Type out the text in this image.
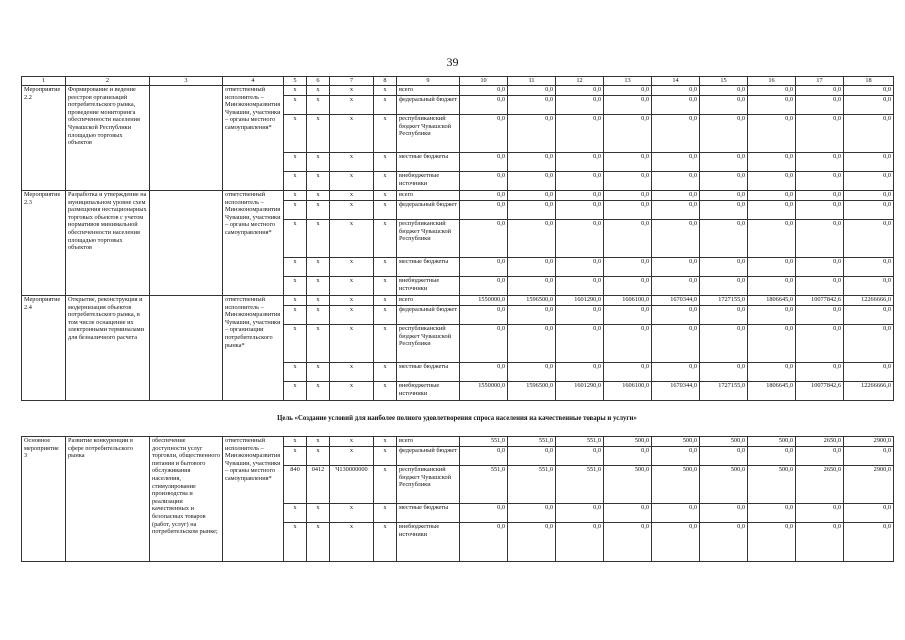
39
1	2	3	4	5	6	7	8	9	10	11	12	13	14	15	16	17	18
Мероприятие 2.2	Формирование и ведение реестров организаций потребительского рынка, проведение мониторинга обеспеченности населения Чувашской Республики площадью торговых объектов		ответственный исполнитель – Минэкономразвития Чувашии, участники – органы местного самоуправления*	x	x	x	x	всего	0,0	0,0	0,0	0,0	0,0	0,0	0,0	0,0	0,0
				x	x	x	x	федеральный бюджет	0,0	0,0	0,0	0,0	0,0	0,0	0,0	0,0	0,0
				x	x	x	x	республиканский бюджет Чувашской Республики	0,0	0,0	0,0	0,0	0,0	0,0	0,0	0,0	0,0
				x	x	x	x	местные бюджеты	0,0	0,0	0,0	0,0	0,0	0,0	0,0	0,0	0,0
				x	x	x	x	внебюджетные источники	0,0	0,0	0,0	0,0	0,0	0,0	0,0	0,0	0,0
Мероприятие 2.3	Разработка и утверждение на муниципальном уровне схем размещения нестационарных торговых объектов с учетом нормативов минимальной обеспеченности населения площадью торговых объектов		ответственный исполнитель – Минэкономразвития Чувашии, участники – органы местного самоуправления*	x	x	x	x	всего	0,0	0,0	0,0	0,0	0,0	0,0	0,0	0,0	0,0
				x	x	x	x	федеральный бюджет	0,0	0,0	0,0	0,0	0,0	0,0	0,0	0,0	0,0
				x	x	x	x	республиканский бюджет Чувашской Республики	0,0	0,0	0,0	0,0	0,0	0,0	0,0	0,0	0,0
				x	x	x	x	местные бюджеты	0,0	0,0	0,0	0,0	0,0	0,0	0,0	0,0	0,0
				x	x	x	x	внебюджетные источники	0,0	0,0	0,0	0,0	0,0	0,0	0,0	0,0	0,0
Мероприятие 2.4	Открытие, реконструкция и модернизация объектов потребительского рынка, в том числе оснащение их электронными терминалами для безналичного расчета		ответственный исполнитель – Минэкономразвития Чувашии, участники – организации потребительского рынка*	x	x	x	x	всего	1550000,0	1596500,0	1601290,0	1606100,0	1670344,0	1727155,0	1806645,0	10077842,6	12266666,0
				x	x	x	x	федеральный бюджет	0,0	0,0	0,0	0,0	0,0	0,0	0,0	0,0	0,0
				x	x	x	x	республиканский бюджет Чувашской Республики	0,0	0,0	0,0	0,0	0,0	0,0	0,0	0,0	0,0
				x	x	x	x	местные бюджеты	0,0	0,0	0,0	0,0	0,0	0,0	0,0	0,0	0,0
				x	x	x	x	внебюджетные источники	1550000,0	1596500,0	1601290,0	1606100,0	1670344,0	1727155,0	1806645,0	10077842,6	12266666,0
Цель «Создание условий для наиболее полного удовлетворения спроса населения на качественные товары и услуги»
Основное мероприятие 3	Развитие конкуренции в сфере потребительского рынка	обеспечение доступности услуг торговли, общественного питания и бытового обслуживания населения, стимулирование производства и реализации качественных и безопасных товаров (работ, услуг) на потребительском рынке;	ответственный исполнитель – Минэкономразвития Чувашии, участники – органы местного самоуправления*	x	x	x	x	всего	551,0	551,0	551,0	500,0	500,0	500,0	500,0	2650,0	2900,0
				x	x	x	x	федеральный бюджет	0,0	0,0	0,0	0,0	0,0	0,0	0,0	0,0	0,0
				840	0412	Ч130000000	x	республиканский бюджет Чувашской Республики	551,0	551,0	551,0	500,0	500,0	500,0	500,0	2650,0	2900,0
				x	x	x	x	местные бюджеты	0,0	0,0	0,0	0,0	0,0	0,0	0,0	0,0	0,0
				x	x	x	x	внебюджетные источники	0,0	0,0	0,0	0,0	0,0	0,0	0,0	0,0	0,0
